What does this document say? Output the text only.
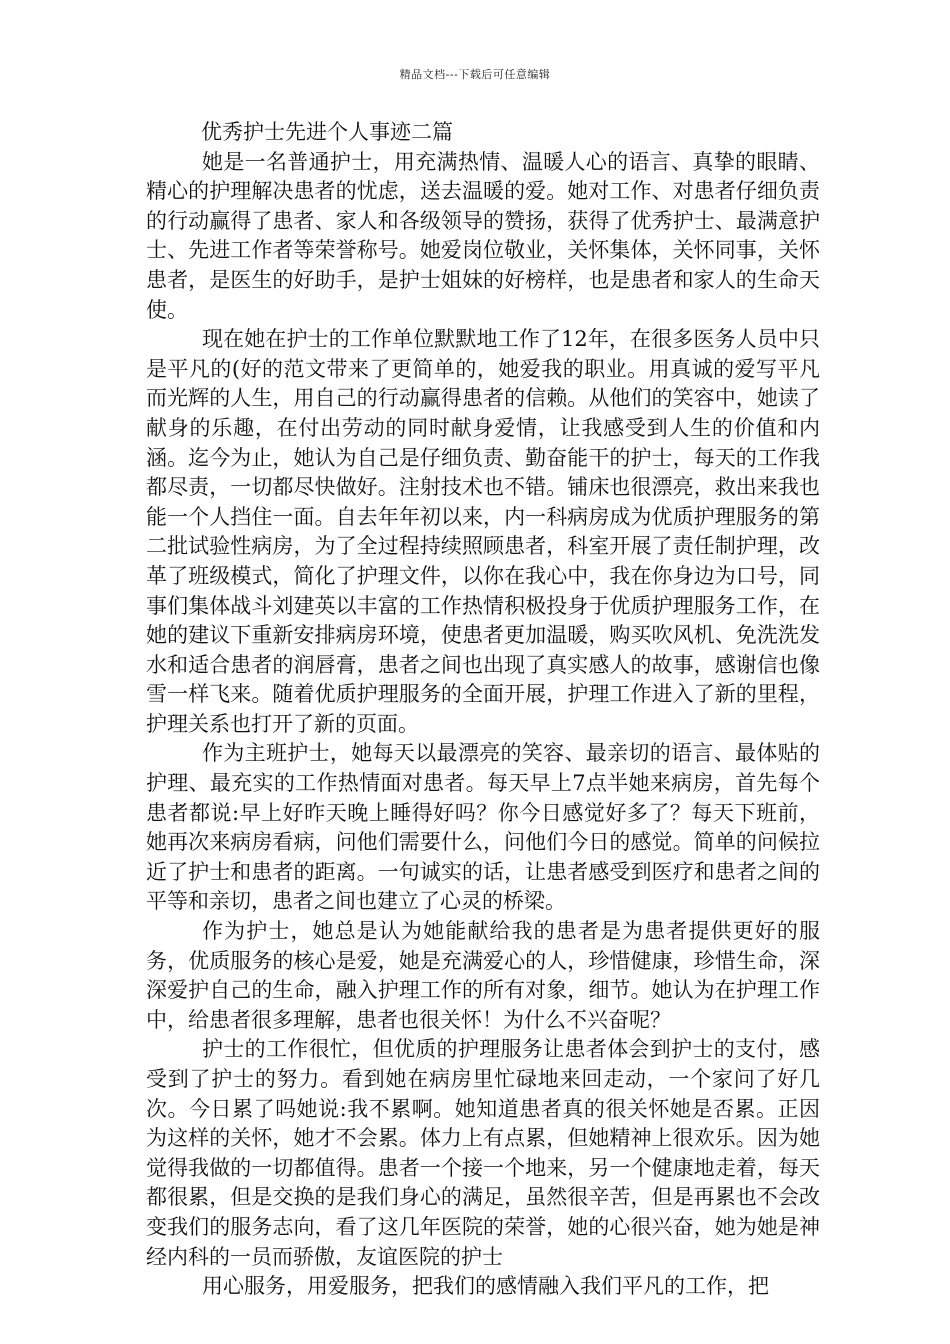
精品文档---下载后可任意编辑
优秀护士先进个人事迹二篇

她是一名普通护士，用充满热情、温暖人心的语言、真挚的眼睛、精心的护理解决患者的忧虑，送去温暖的爱。她对工作、对患者仔细负责的行动赢得了患者、家人和各级领导的赞扬，获得了优秀护士、最满意护士、先进工作者等荣誉称号。她爱岗位敬业，关怀集体，关怀同事，关怀患者，是医生的好助手，是护士姐妹的好榜样，也是患者和家人的生命天使。

现在她在护士的工作单位默默地工作了12年，在很多医务人员中只是平凡的(好的范文带来了更简单的，她爱我的职业。用真诚的爱写平凡而光辉的人生，用自己的行动赢得患者的信赖。从他们的笑容中，她读了献身的乐趣，在付出劳动的同时献身爱情，让我感受到人生的价值和内涵。迄今为止，她认为自己是仔细负责、勤奋能干的护士，每天的工作我都尽责，一切都尽快做好。注射技术也不错。铺床也很漂亮，救出来我也能一个人挡住一面。自去年年初以来，内一科病房成为优质护理服务的第二批试验性病房，为了全过程持续照顾患者，科室开展了责任制护理，改革了班级模式，简化了护理文件，以你在我心中，我在你身边为口号，同事们集体战斗刘建英以丰富的工作热情积极投身于优质护理服务工作，在她的建议下重新安排病房环境，使患者更加温暖，购买吹风机、免洗洗发水和适合患者的润唇膏，患者之间也出现了真实感人的故事，感谢信也像雪一样飞来。随着优质护理服务的全面开展，护理工作进入了新的里程，护理关系也打开了新的页面。

作为主班护士，她每天以最漂亮的笑容、最亲切的语言、最体贴的护理、最充实的工作热情面对患者。每天早上7点半她来病房，首先每个患者都说:早上好昨天晚上睡得好吗？你今日感觉好多了？每天下班前，她再次来病房看病，问他们需要什么，问他们今日的感觉。简单的问候拉近了护士和患者的距离。一句诚实的话，让患者感受到医疗和患者之间的平等和亲切，患者之间也建立了心灵的桥梁。

作为护士，她总是认为她能献给我的患者是为患者提供更好的服务，优质服务的核心是爱，她是充满爱心的人，珍惜健康，珍惜生命，深深爱护自己的生命，融入护理工作的所有对象，细节。她认为在护理工作中，给患者很多理解，患者也很关怀！为什么不兴奋呢？

护士的工作很忙，但优质的护理服务让患者体会到护士的支付，感受到了护士的努力。看到她在病房里忙碌地来回走动，一个家问了好几次。今日累了吗她说:我不累啊。她知道患者真的很关怀她是否累。正因为这样的关怀，她才不会累。体力上有点累，但她精神上很欢乐。因为她觉得我做的一切都值得。患者一个接一个地来，另一个健康地走着，每天都很累，但是交换的是我们身心的满足，虽然很辛苦，但是再累也不会改变我们的服务志向，看了这几年医院的荣誉，她的心很兴奋，她为她是神经内科的一员而骄傲，友谊医院的护士

用心服务，用爱服务，把我们的感情融入我们平凡的工作，把
